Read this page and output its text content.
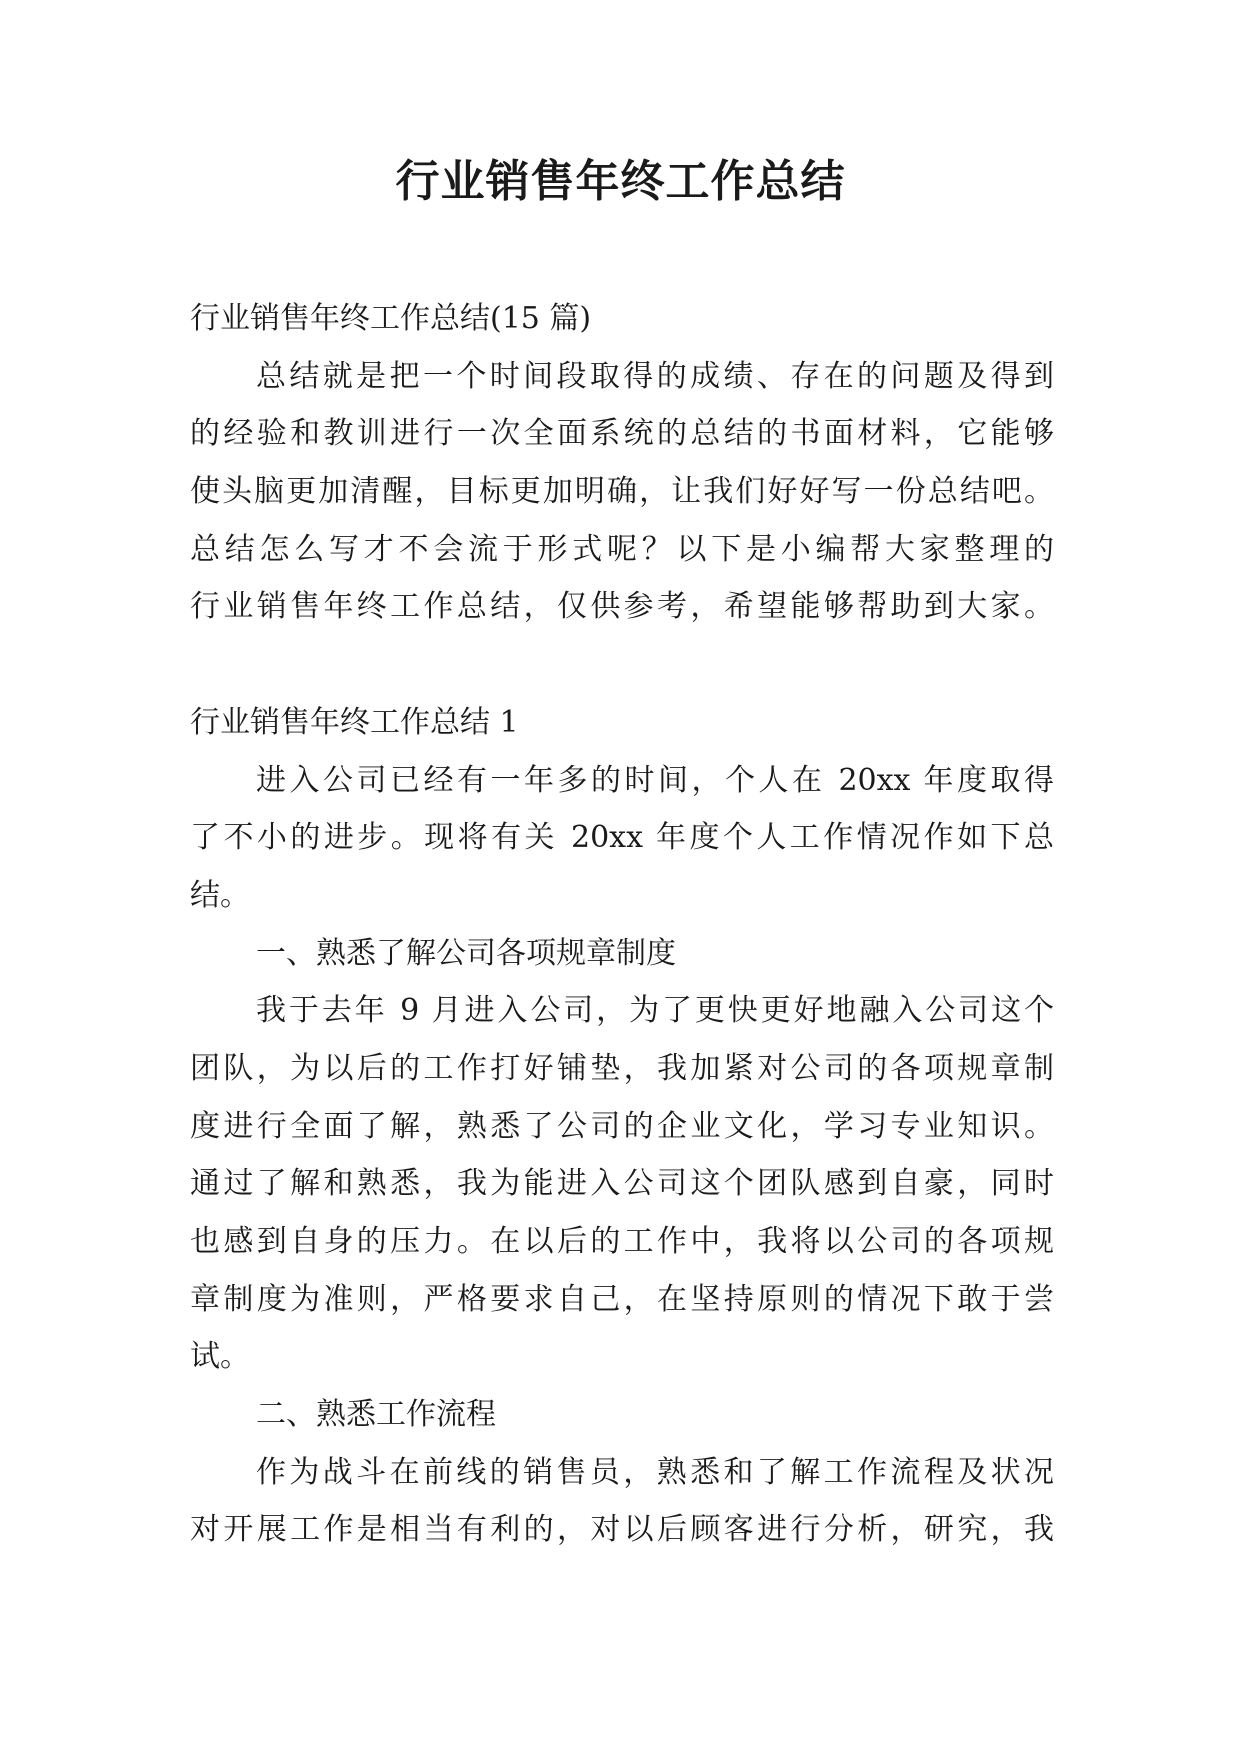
行业销售年终工作总结
行业销售年终工作总结(15 篇)
总结就是把一个时间段取得的成绩、存在的问题及得到
的经验和教训进行一次全面系统的总结的书面材料，它能够
使头脑更加清醒，目标更加明确，让我们好好写一份总结吧。
总结怎么写才不会流于形式呢？以下是小编帮大家整理的
行业销售年终工作总结，仅供参考，希望能够帮助到大家。
行业销售年终工作总结 1
进入公司已经有一年多的时间，个人在 20xx 年度取得
了不小的进步。现将有关 20xx 年度个人工作情况作如下总
结。
一、熟悉了解公司各项规章制度
我于去年 9 月进入公司，为了更快更好地融入公司这个
团队，为以后的工作打好铺垫，我加紧对公司的各项规章制
度进行全面了解，熟悉了公司的企业文化，学习专业知识。
通过了解和熟悉，我为能进入公司这个团队感到自豪，同时
也感到自身的压力。在以后的工作中，我将以公司的各项规
章制度为准则，严格要求自己，在坚持原则的情况下敢于尝
试。
二、熟悉工作流程
作为战斗在前线的销售员，熟悉和了解工作流程及状况
对开展工作是相当有利的，对以后顾客进行分析，研究，我
